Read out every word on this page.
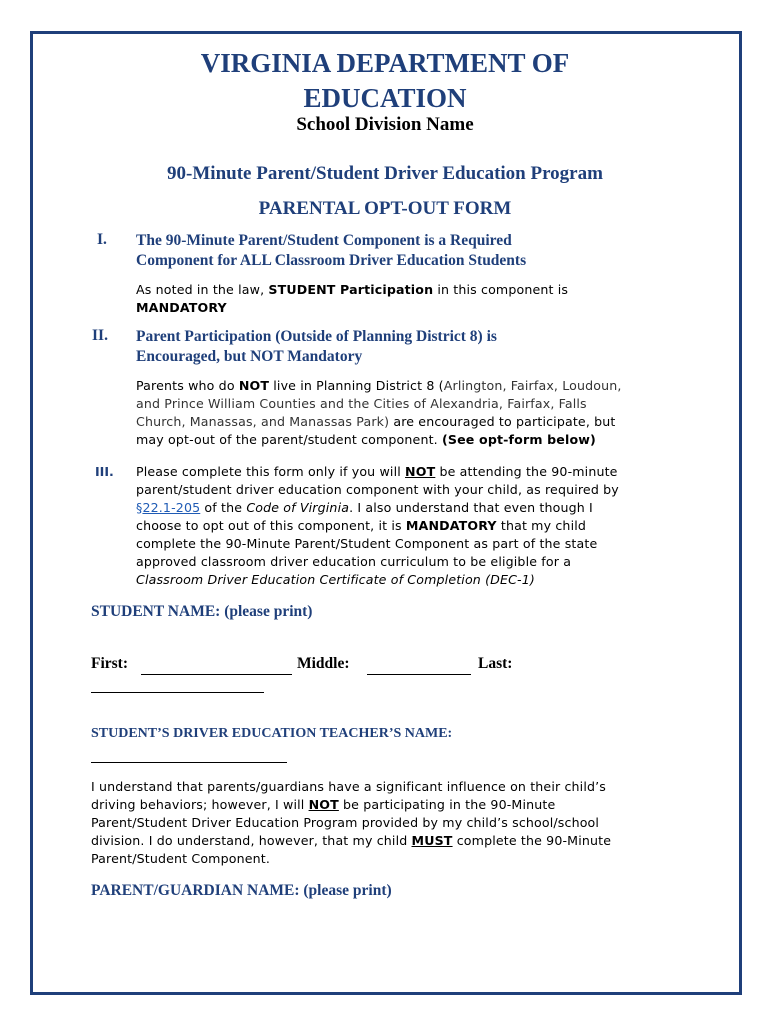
VIRGINIA DEPARTMENT OF
EDUCATION
School Division Name
90-Minute Parent/Student Driver Education Program
PARENTAL OPT-OUT FORM
I. The 90-Minute Parent/Student Component is a Required
Component for ALL Classroom Driver Education Students
As noted in the law, STUDENT Participation in this component is
MANDATORY
II. Parent Participation (Outside of Planning District 8) is
Encouraged, but NOT Mandatory
Parents who do NOT live in Planning District 8 (Arlington, Fairfax, Loudoun,
and Prince William Counties and the Cities of Alexandria, Fairfax, Falls
Church, Manassas, and Manassas Park) are encouraged to participate, but
may opt-out of the parent/student component. (See opt-form below)
III. Please complete this form only if you will NOT be attending the 90-minute
parent/student driver education component with your child, as required by
§22.1-205 of the Code of Virginia. I also understand that even though I
choose to opt out of this component, it is MANDATORY that my child
complete the 90-Minute Parent/Student Component as part of the state
approved classroom driver education curriculum to be eligible for a
Classroom Driver Education Certificate of Completion (DEC-1)
STUDENT NAME: (please print)
First:	Middle:	Last:
STUDENT’S DRIVER EDUCATION TEACHER’S NAME:
I understand that parents/guardians have a significant influence on their child’s
driving behaviors; however, I will NOT be participating in the 90-Minute
Parent/Student Driver Education Program provided by my child’s school/school
division. I do understand, however, that my child MUST complete the 90-Minute
Parent/Student Component.
PARENT/GUARDIAN NAME: (please print)
